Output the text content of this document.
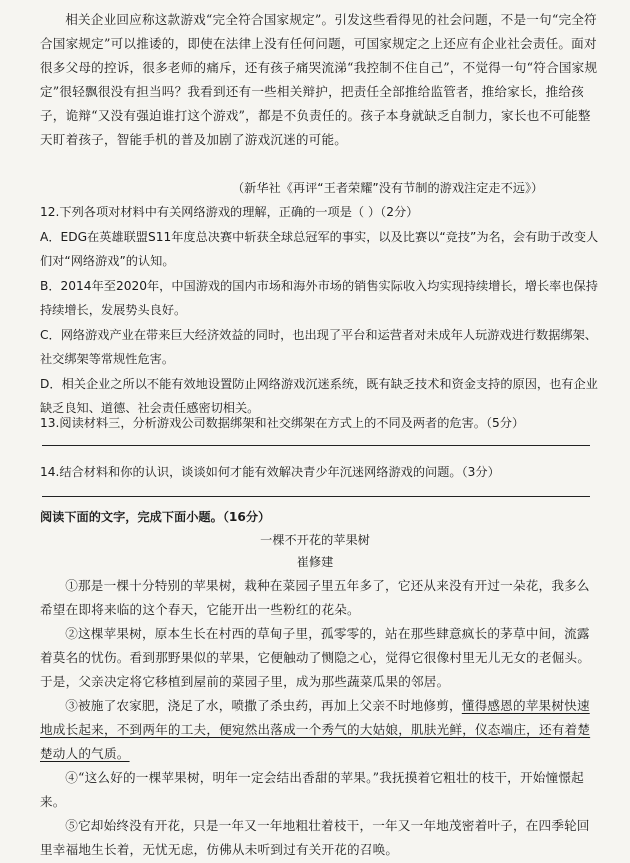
相关企业回应称这款游戏“完全符合国家规定”。引发这些看得见的社会问题，不是一句“完全符合国家规定”可以推诿的，即使在法律上没有任何问题，可国家规定之上还应有企业社会责任。面对很多父母的控诉，很多老师的痛斥，还有孩子痛哭流涕“我控制不住自己”，不觉得一句“符合国家规定”很轻飘很没有担当吗？我看到还有一些相关辩护，把责任全部推给监管者，推给家长，推给孩子，诡辩“又没有强迫谁打这个游戏”，都是不负责任的。孩子本身就缺乏自制力，家长也不可能整天盯着孩子，智能手机的普及加剧了游戏沉迷的可能。

（新华社《再评“王者荣耀”没有节制的游戏注定走不远》）

12.下列各项对材料中有关网络游戏的理解，正确的一项是（ ）（2分）

A．EDG在英雄联盟S11年度总决赛中斩获全球总冠军的事实，以及比赛以“竞技”为名，会有助于改变人们对“网络游戏”的认知。

B．2014年至2020年，中国游戏的国内市场和海外市场的销售实际收入均实现持续增长，增长率也保持持续增长，发展势头良好。

C．网络游戏产业在带来巨大经济效益的同时，也出现了平台和运营者对未成年人玩游戏进行数据绑架、社交绑架等常规性危害。

D．相关企业之所以不能有效地设置防止网络游戏沉迷系统，既有缺乏技术和资金支持的原因，也有企业缺乏良知、道德、社会责任感密切相关。

13.阅读材料三，分析游戏公司数据绑架和社交绑架在方式上的不同及两者的危害。（5分）

14.结合材料和你的认识，谈谈如何才能有效解决青少年沉迷网络游戏的问题。（3分）

阅读下面的文字，完成下面小题。（16分）
一棵不开花的苹果树
崔修建

①那是一棵十分特别的苹果树，栽种在菜园子里五年多了，它还从来没有开过一朵花，我多么希望在即将来临的这个春天，它能开出一些粉红的花朵。

②这棵苹果树，原本生长在村西的草甸子里，孤零零的，站在那些肆意疯长的茅草中间，流露着莫名的忧伤。看到那野果似的苹果，它便触动了恻隐之心，觉得它很像村里无儿无女的老倔头。于是，父亲决定将它移植到屋前的菜园子里，成为那些蔬菜瓜果的邻居。

③被施了农家肥，浇足了水，喷撒了杀虫药，再加上父亲不时地修剪，懂得感恩的苹果树快速地成长起来，不到两年的工夫，便宛然出落成一个秀气的大姑娘，肌肤光鲜，仪态端庄，还有着楚楚动人的气质。

④“这么好的一棵苹果树，明年一定会结出香甜的苹果。”我抚摸着它粗壮的枝干，开始憧憬起来。

⑤它却始终没有开花，只是一年又一年地粗壮着枝干，一年又一年地茂密着叶子，在四季轮回里幸福地生长着，无忧无虑，仿佛从未听到过有关开花的召唤。
